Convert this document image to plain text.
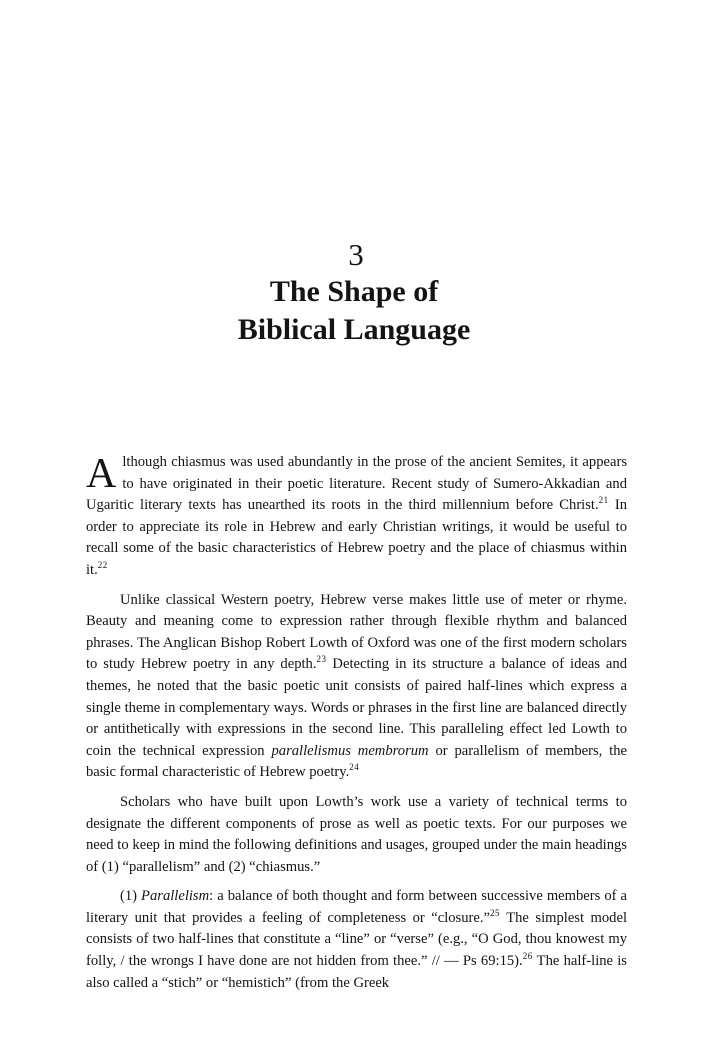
3
The Shape of
Biblical Language

Although chiasmus was used abundantly in the prose of the ancient Semites, it appears to have originated in their poetic literature. Recent study of Sumero-Akkadian and Ugaritic literary texts has unearthed its roots in the third millennium before Christ.$^{21}$ In order to appreciate its role in Hebrew and early Christian writings, it would be useful to recall some of the basic characteristics of Hebrew poetry and the place of chiasmus within it.$^{22}$

Unlike classical Western poetry, Hebrew verse makes little use of meter or rhyme. Beauty and meaning come to expression rather through flexible rhythm and balanced phrases. The Anglican Bishop Robert Lowth of Oxford was one of the first modern scholars to study Hebrew poetry in any depth.$^{23}$ Detecting in its structure a balance of ideas and themes, he noted that the basic poetic unit consists of paired half-lines which express a single theme in complementary ways. Words or phrases in the first line are balanced directly or antithetically with expressions in the second line. This paralleling effect led Lowth to coin the technical expression parallelismus membrorum or parallelism of members, the basic formal characteristic of Hebrew poetry.$^{24}$

Scholars who have built upon Lowth’s work use a variety of technical terms to designate the different components of prose as well as poetic texts. For our purposes we need to keep in mind the following definitions and usages, grouped under the main headings of (1) “parallelism” and (2) “chiasmus.”

(1) Parallelism: a balance of both thought and form between successive members of a literary unit that provides a feeling of completeness or “closure.”$^{25}$ The simplest model consists of two half-lines that constitute a “line” or “verse” (e.g., “O God, thou knowest my folly, / the wrongs I have done are not hidden from thee.” // — Ps 69:15).$^{26}$ The half-line is also called a “stich” or “hemistich” (from the Greek
